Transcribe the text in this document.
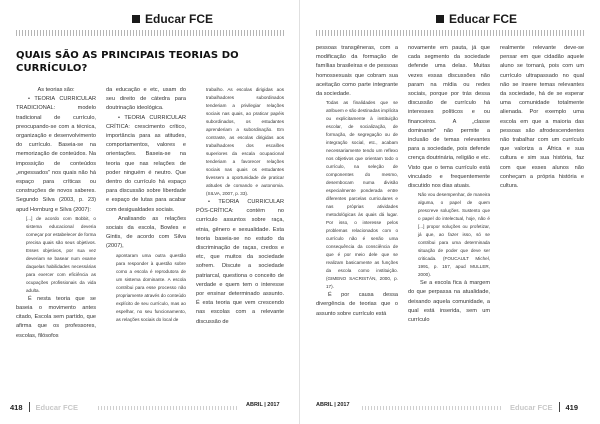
Educar FCE
QUAIS SÃO AS PRINCIPAIS TEORIAS DO CURRÍCULO?

As teorias são:

• TEORIA CURRICULAR TRADICIONAL: modelo tradicional de currículo, preocupando-se com a técnica, organização e desenvolvimento do currículo. Baseia-se na memorização de conteúdos. Na impossição de conteúdos „engessados" nos quais não há espaço para críticas ou construções de novos saberes. Segundo Silva (2003, p. 23) apud Hornburg e Silva (2007):

[...] de acordo com Bobbit, o sistema educacional deveria começar por estabelecer de forma precisa quais são seus objetivos. Esses objetivos, por sua vez deveriam se basear num exame daquelas habilidades necessárias para exercer com eficiência as ocupações profissionais da vida adulta.

É nesta teoria que se baseia o movimento antes citado, Escola sem partido, que afirma que os professores, escolas, filósofos

da educação e etc, usam do seu direito de cátedra para doutrinação ideológica.

• TEORIA CURRICULAR CRÍTICA: crescimento crítico, importância para as atitudes, comportamentos, valores e orientações. Baseia-se na teoria que nas relações de poder ninguém é neutro. Que dentro do currículo há espaço para discussão sobre liberdade e espaço de lutas para acabar com desigualdades sociais.

Analisando as relações sociais da escola, Bowles e Gintis, de acordo com Silva (2007),

apontaram uma outra questão para responder à questão sobre como a escola é reprodutora de um sistema dominante. A escola contribui para esse processo não propriamente através do conteúdo explícito de seu currículo, mas ao espelhar, no seu funcionamento, as relações sociais do local de

trabalho. As escolas dirigidas aos trabalhadores subordinados tenderiam a privilegiar relações sociais nas quais, ao praticar papéis subordinados, os estudantes aprenderiam a subordinação. Em contraste, as escolas dirigidas aos trabalhadores dos escalões superiores da escala ocupacional tenderiam a favorecer relações sociais nas quais os estudantes tivessem a oportunidade de praticar atitudes de comando e autonomia. (SILVA, 2007, p. 33).

• TEORIA CURRICULAR PÓS-CRÍTICA: contém no currículo assuntos sobre raça, etnia, gênero e sexualidade. Esta teoria baseia-se no estudo da discriminação de raças, credos e etc, que muitos da sociedade sofrem. Discute a sociedade patriarcal, questiona o conceito de verdade e quem tem o interesse por ensinar determinado assunto. É esta teoria que vem crescendo nas escolas com a relevante discussão de

418 Educar FCE	ABRIL | 2017
Educar FCE

pessoas transgêneras, com a modificação da formação de famílias brasileiras e de pessoas homossexuais que cobram sua aceitação como parte integrante da sociedade.

Todas as finalidades que se atribuem e são destinadas implícita ou explicitamente à instituição escolar, de socialização, de formação, de segregação ou de integração social, etc., acabam necessariamente tendo um reflexo nos objetivos que orientam todo o currículo, na seleção de componentes do mesmo, desembocam numa divisão especialmente ponderada entre diferentes parcelas curriculares e nas próprias atividades metodológicas às quais dá lugar. Por isso, o interesse pelos problemas relacionados com o currículo não é senão uma consequência da consciência de que é por meio dele que se realizam basicamente as funções da escola como instituição. (GIMENO SACRISTÁN, 2000, p. 17).

É por causa dessa divergência de teorias que o assunto sobre currículo está

novamente em pauta, já que cada segmento da sociedade defende uma delas. Muitas vezes essas discussões não param na mídia ou redes sociais, porque por trás dessa discussão de currículo há interesses políticos e ou financeiros. A „classe dominante" não permite a inclusão de temas relevantes para a sociedade, pois defende crença doutrinária, religião e etc. Visto que o tema currículo está vinculado e frequentemente discutido nos dias atuais.

Não vou desempenhar, de maneira alguma, o papel de quem prescreve soluções. Sustento que o papel do intelectual, hoje, não é [...] propor soluções ou profetizar, já que, ao fazer isso, só se contribui para uma determinada situação de poder que deve ser criticada. (FOUCAULT Michel, 1991, p. 157, apud MULLER, 2000).

Se a escola fica à margem do que perpassa na atualidade, deixando aquela comunidade, a qual está inserida, sem um currículo

realmente relevante deve-se pensar em que cidadão aquele aluno se tornará, pois com um currículo ultrapassado no qual não se insere temas relevantes da sociedade, há de se esperar uma comunidade totalmente alienada. Por exemplo uma escola em que a maioria das pessoas são afrodescendentes não trabalhar com um currículo que valoriza a África e sua cultura e sim sua história, faz com que esses alunos não conheçam a própria história e cultura.

ABRIL | 2017	Educar FCE 419
